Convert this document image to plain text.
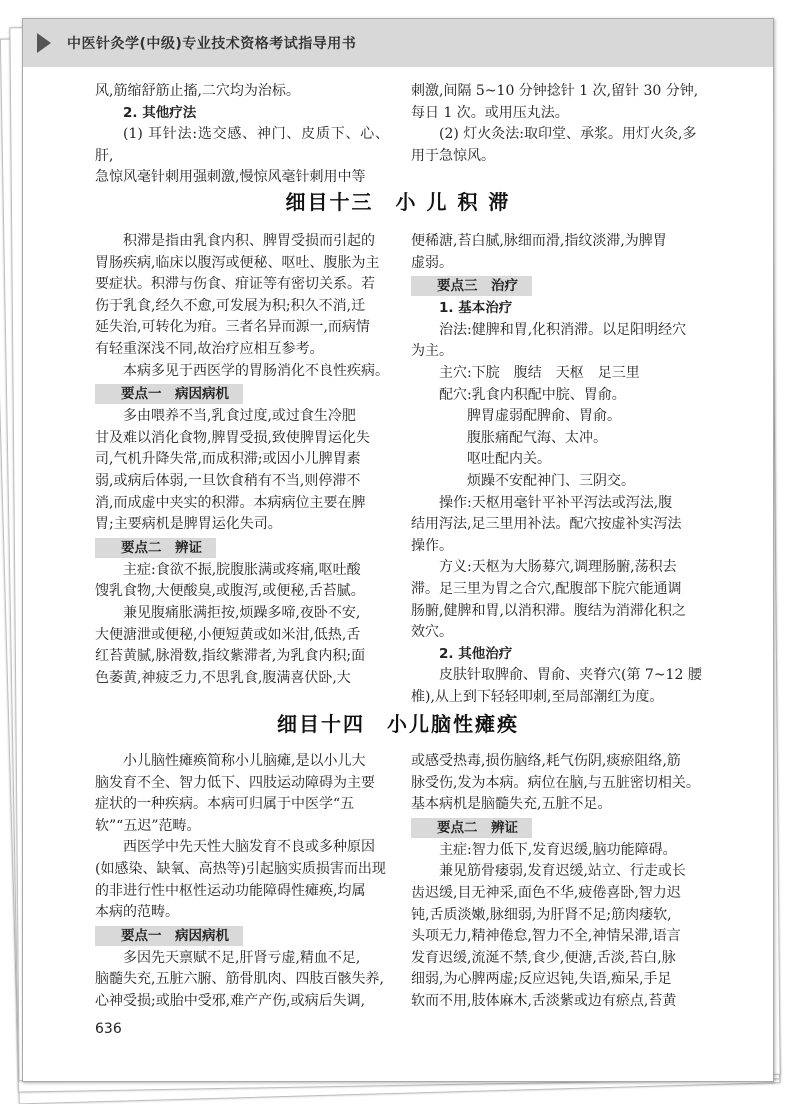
中医针灸学(中级)专业技术资格考试指导用书

风,筋缩舒筋止搐,二穴均为治标。

2. 其他疗法

(1) 耳针法:选交感、神门、皮质下、心、肝,

急惊风毫针刺用强刺激,慢惊风毫针刺用中等

刺激,间隔 5~10 分钟捻针 1 次,留针 30 分钟,

每日 1 次。或用压丸法。

(2) 灯火灸法:取印堂、承浆。用灯火灸,多

用于急惊风。

细目十三　小 儿 积 滞

积滞是指由乳食内积、脾胃受损而引起的

胃肠疾病,临床以腹泻或便秘、呕吐、腹胀为主

要症状。积滞与伤食、疳证等有密切关系。若

伤于乳食,经久不愈,可发展为积;积久不消,迁

延失治,可转化为疳。三者名异而源一,而病情

有轻重深浅不同,故治疗应相互参考。

本病多见于西医学的胃肠消化不良性疾病。

要点一　病因病机

多由喂养不当,乳食过度,或过食生冷肥

甘及难以消化食物,脾胃受损,致使脾胃运化失

司,气机升降失常,而成积滞;或因小儿脾胃素

弱,或病后体弱,一旦饮食稍有不当,则停滞不

消,而成虚中夹实的积滞。本病病位主要在脾

胃;主要病机是脾胃运化失司。

要点二　辨证

主症:食欲不振,脘腹胀满或疼痛,呕吐酸

馊乳食物,大便酸臭,或腹泻,或便秘,舌苔腻。

兼见腹痛胀满拒按,烦躁多啼,夜卧不安,

大便溏泄或便秘,小便短黄或如米泔,低热,舌

红苔黄腻,脉滑数,指纹紫滞者,为乳食内积;面

色萎黄,神疲乏力,不思乳食,腹满喜伏卧,大

便稀溏,苔白腻,脉细而滑,指纹淡滞,为脾胃

虚弱。

要点三　治疗

1. 基本治疗

治法:健脾和胃,化积消滞。以足阳明经穴

为主。

主穴:下脘　腹结　天枢　足三里

配穴:乳食内积配中脘、胃俞。

脾胃虚弱配脾俞、胃俞。

腹胀痛配气海、太冲。

呕吐配内关。

烦躁不安配神门、三阴交。

操作:天枢用毫针平补平泻法或泻法,腹

结用泻法,足三里用补法。配穴按虚补实泻法

操作。

方义:天枢为大肠募穴,调理肠腑,荡积去

滞。足三里为胃之合穴,配腹部下脘穴能通调

肠腑,健脾和胃,以消积滞。腹结为消滞化积之

效穴。

2. 其他治疗

皮肤针取脾俞、胃俞、夹脊穴(第 7~12 腰

椎),从上到下轻轻叩刺,至局部潮红为度。

细目十四　小儿脑性瘫痪

小儿脑性瘫痪简称小儿脑瘫,是以小儿大

脑发育不全、智力低下、四肢运动障碍为主要

症状的一种疾病。本病可归属于中医学“五

软”“五迟”范畴。

西医学中先天性大脑发育不良或多种原因

(如感染、缺氧、高热等)引起脑实质损害而出现

的非进行性中枢性运动功能障碍性瘫痪,均属

本病的范畴。

要点一　病因病机

多因先天禀赋不足,肝肾亏虚,精血不足,

脑髓失充,五脏六腑、筋骨肌肉、四肢百骸失养,

心神受损;或胎中受邪,难产产伤,或病后失调,

或感受热毒,损伤脑络,耗气伤阴,痰瘀阻络,筋

脉受伤,发为本病。病位在脑,与五脏密切相关。

基本病机是脑髓失充,五脏不足。

要点二　辨证

主症:智力低下,发育迟缓,脑功能障碍。

兼见筋骨痿弱,发育迟缓,站立、行走或长

齿迟缓,目无神采,面色不华,疲倦喜卧,智力迟

钝,舌质淡嫩,脉细弱,为肝肾不足;筋肉痿软,

头项无力,精神倦怠,智力不全,神情呆滞,语言

发育迟缓,流涎不禁,食少,便溏,舌淡,苔白,脉

细弱,为心脾两虚;反应迟钝,失语,痴呆,手足

软而不用,肢体麻木,舌淡紫或边有瘀点,苔黄

636
